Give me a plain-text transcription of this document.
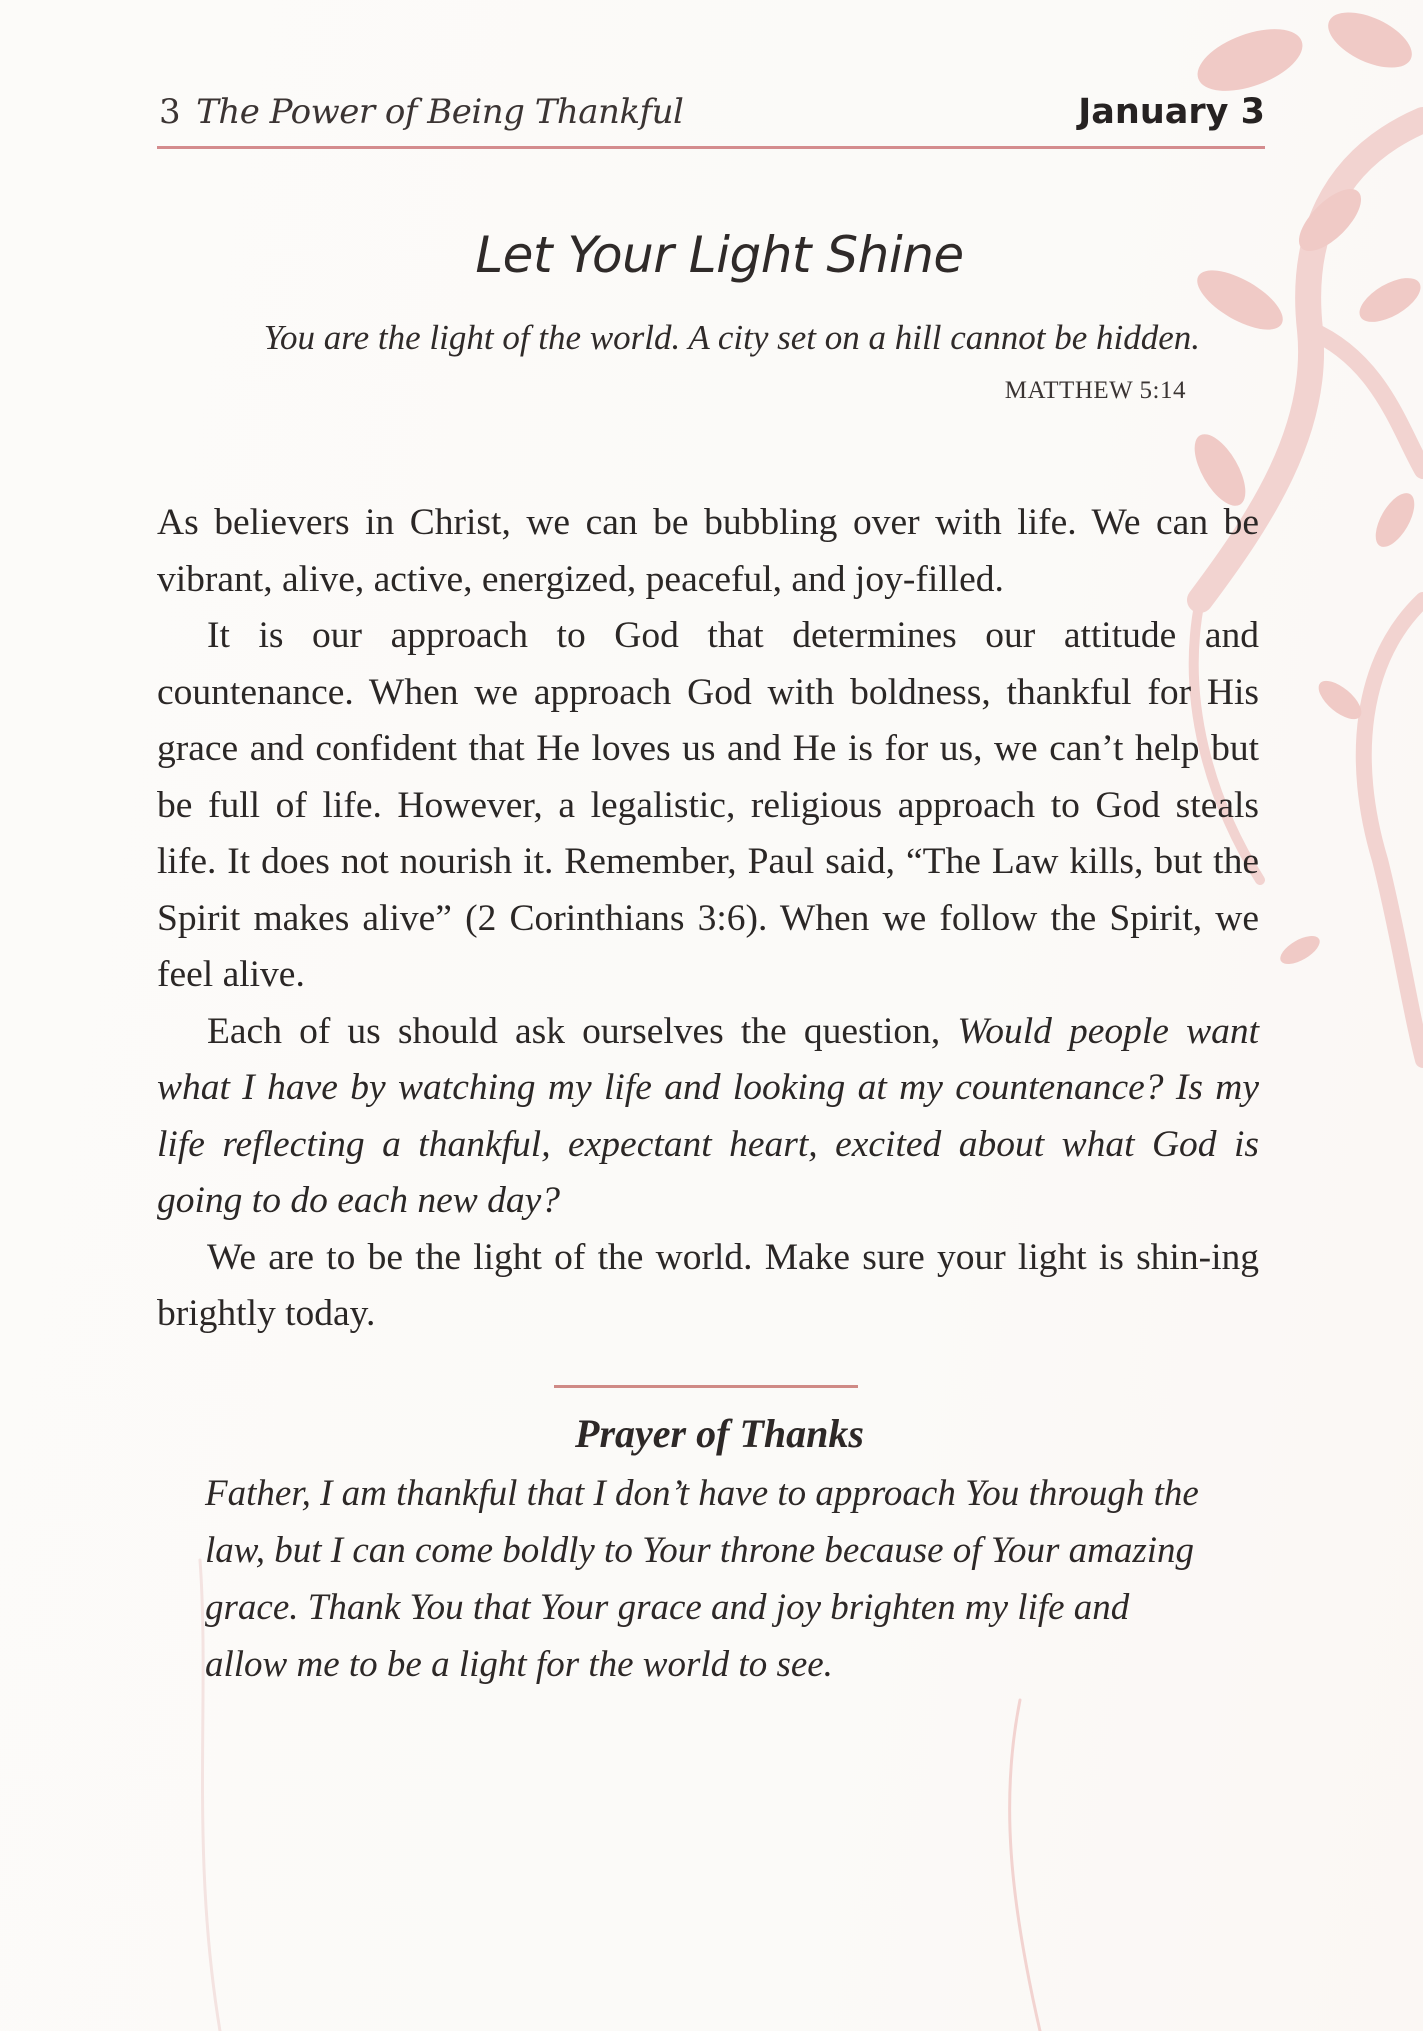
3 The Power of Being Thankful	January 3
Let Your Light Shine
You are the light of the world. A city set on a hill cannot be hidden.
MATTHEW 5:14

As believers in Christ, we can be bubbling over with life. We can be vibrant, alive, active, energized, peaceful, and joy-filled.

It is our approach to God that determines our attitude and countenance. When we approach God with boldness, thankful for His grace and confident that He loves us and He is for us, we can’t help but be full of life. However, a legalistic, religious approach to God steals life. It does not nourish it. Remember, Paul said, “The Law kills, but the Spirit makes alive” (2 Corinthians 3:6). When we follow the Spirit, we feel alive.

Each of us should ask ourselves the question, Would people want what I have by watching my life and looking at my countenance? Is my life reflecting a thankful, expectant heart, excited about what God is going to do each new day?

We are to be the light of the world. Make sure your light is shin-ing brightly today.

Prayer of Thanks
Father, I am thankful that I don’t have to approach You through the law, but I can come boldly to Your throne because of Your amazing grace. Thank You that Your grace and joy brighten my life and allow me to be a light for the world to see.
